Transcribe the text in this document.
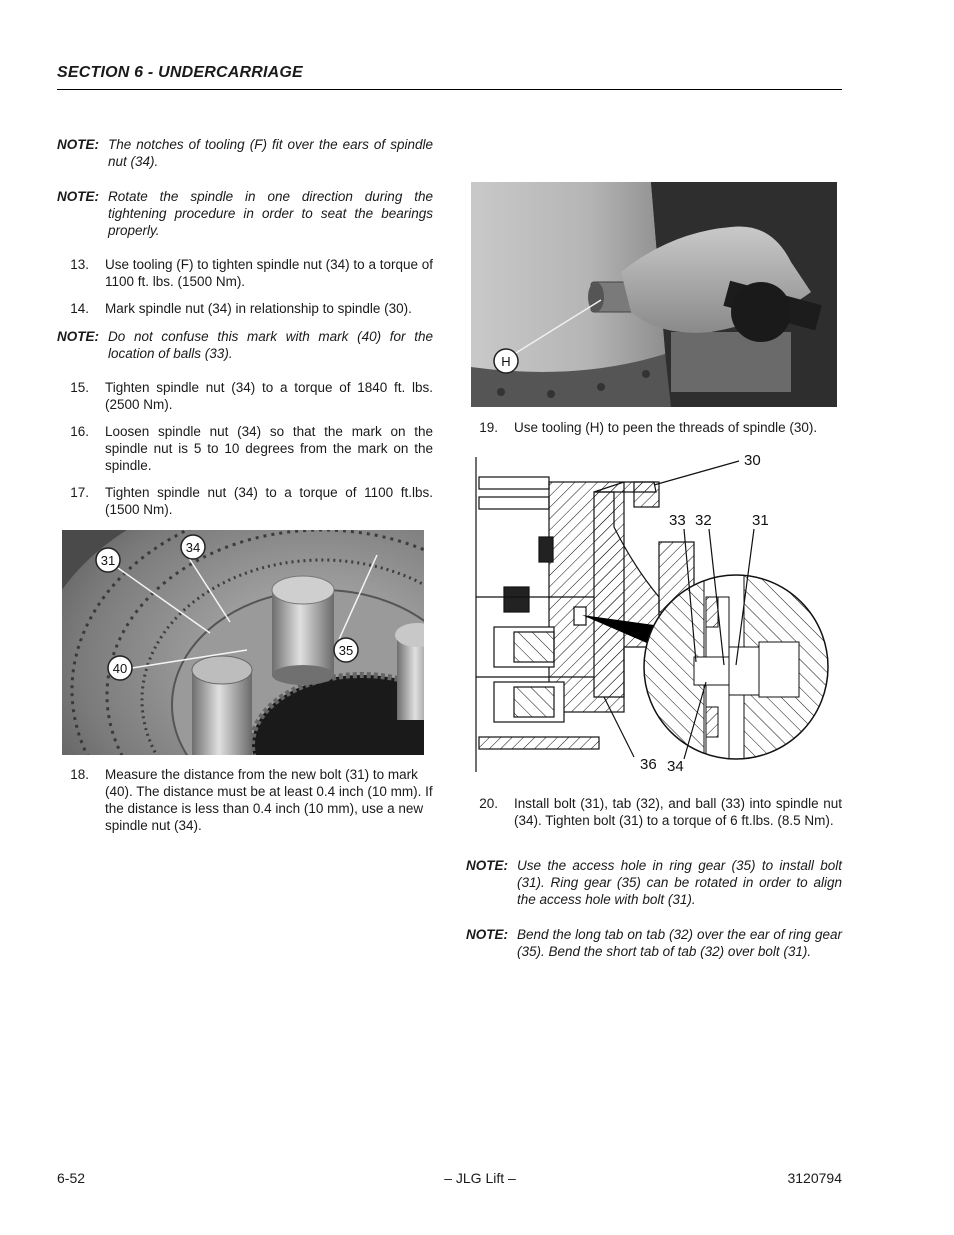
SECTION 6 - UNDERCARRIAGE
NOTE: The notches of tooling (F) fit over the ears of spindle nut (34).
NOTE: Rotate the spindle in one direction during the tightening procedure in order to seat the bearings properly.
13. Use tooling (F) to tighten spindle nut (34) to a torque of 1100 ft. lbs. (1500 Nm).
14. Mark spindle nut (34) in relationship to spindle (30).
NOTE: Do not confuse this mark with mark (40) for the location of balls (33).
15. Tighten spindle nut (34) to a torque of 1840 ft. lbs. (2500 Nm).
16. Loosen spindle nut (34) so that the mark on the spindle nut is 5 to 10 degrees from the mark on the spindle.
17. Tighten spindle nut (34) to a torque of 1100 ft.lbs. (1500 Nm).
31
34
35
40
18. Measure the distance from the new bolt (31) to mark (40). The distance must be at least 0.4 inch (10 mm). If the distance is less than 0.4 inch (10 mm), use a new spindle nut (34).
H
19. Use tooling (H) to peen the threads of spindle (30).
30
33 32	31
36 34
20. Install bolt (31), tab (32), and ball (33) into spindle nut (34). Tighten bolt (31) to a torque of 6 ft.lbs. (8.5 Nm).
NOTE: Use the access hole in ring gear (35) to install bolt (31). Ring gear (35) can be rotated in order to align the access hole with bolt (31).
NOTE: Bend the long tab on tab (32) over the ear of ring gear (35). Bend the short tab of tab (32) over bolt (31).
6-52	– JLG Lift –	3120794
